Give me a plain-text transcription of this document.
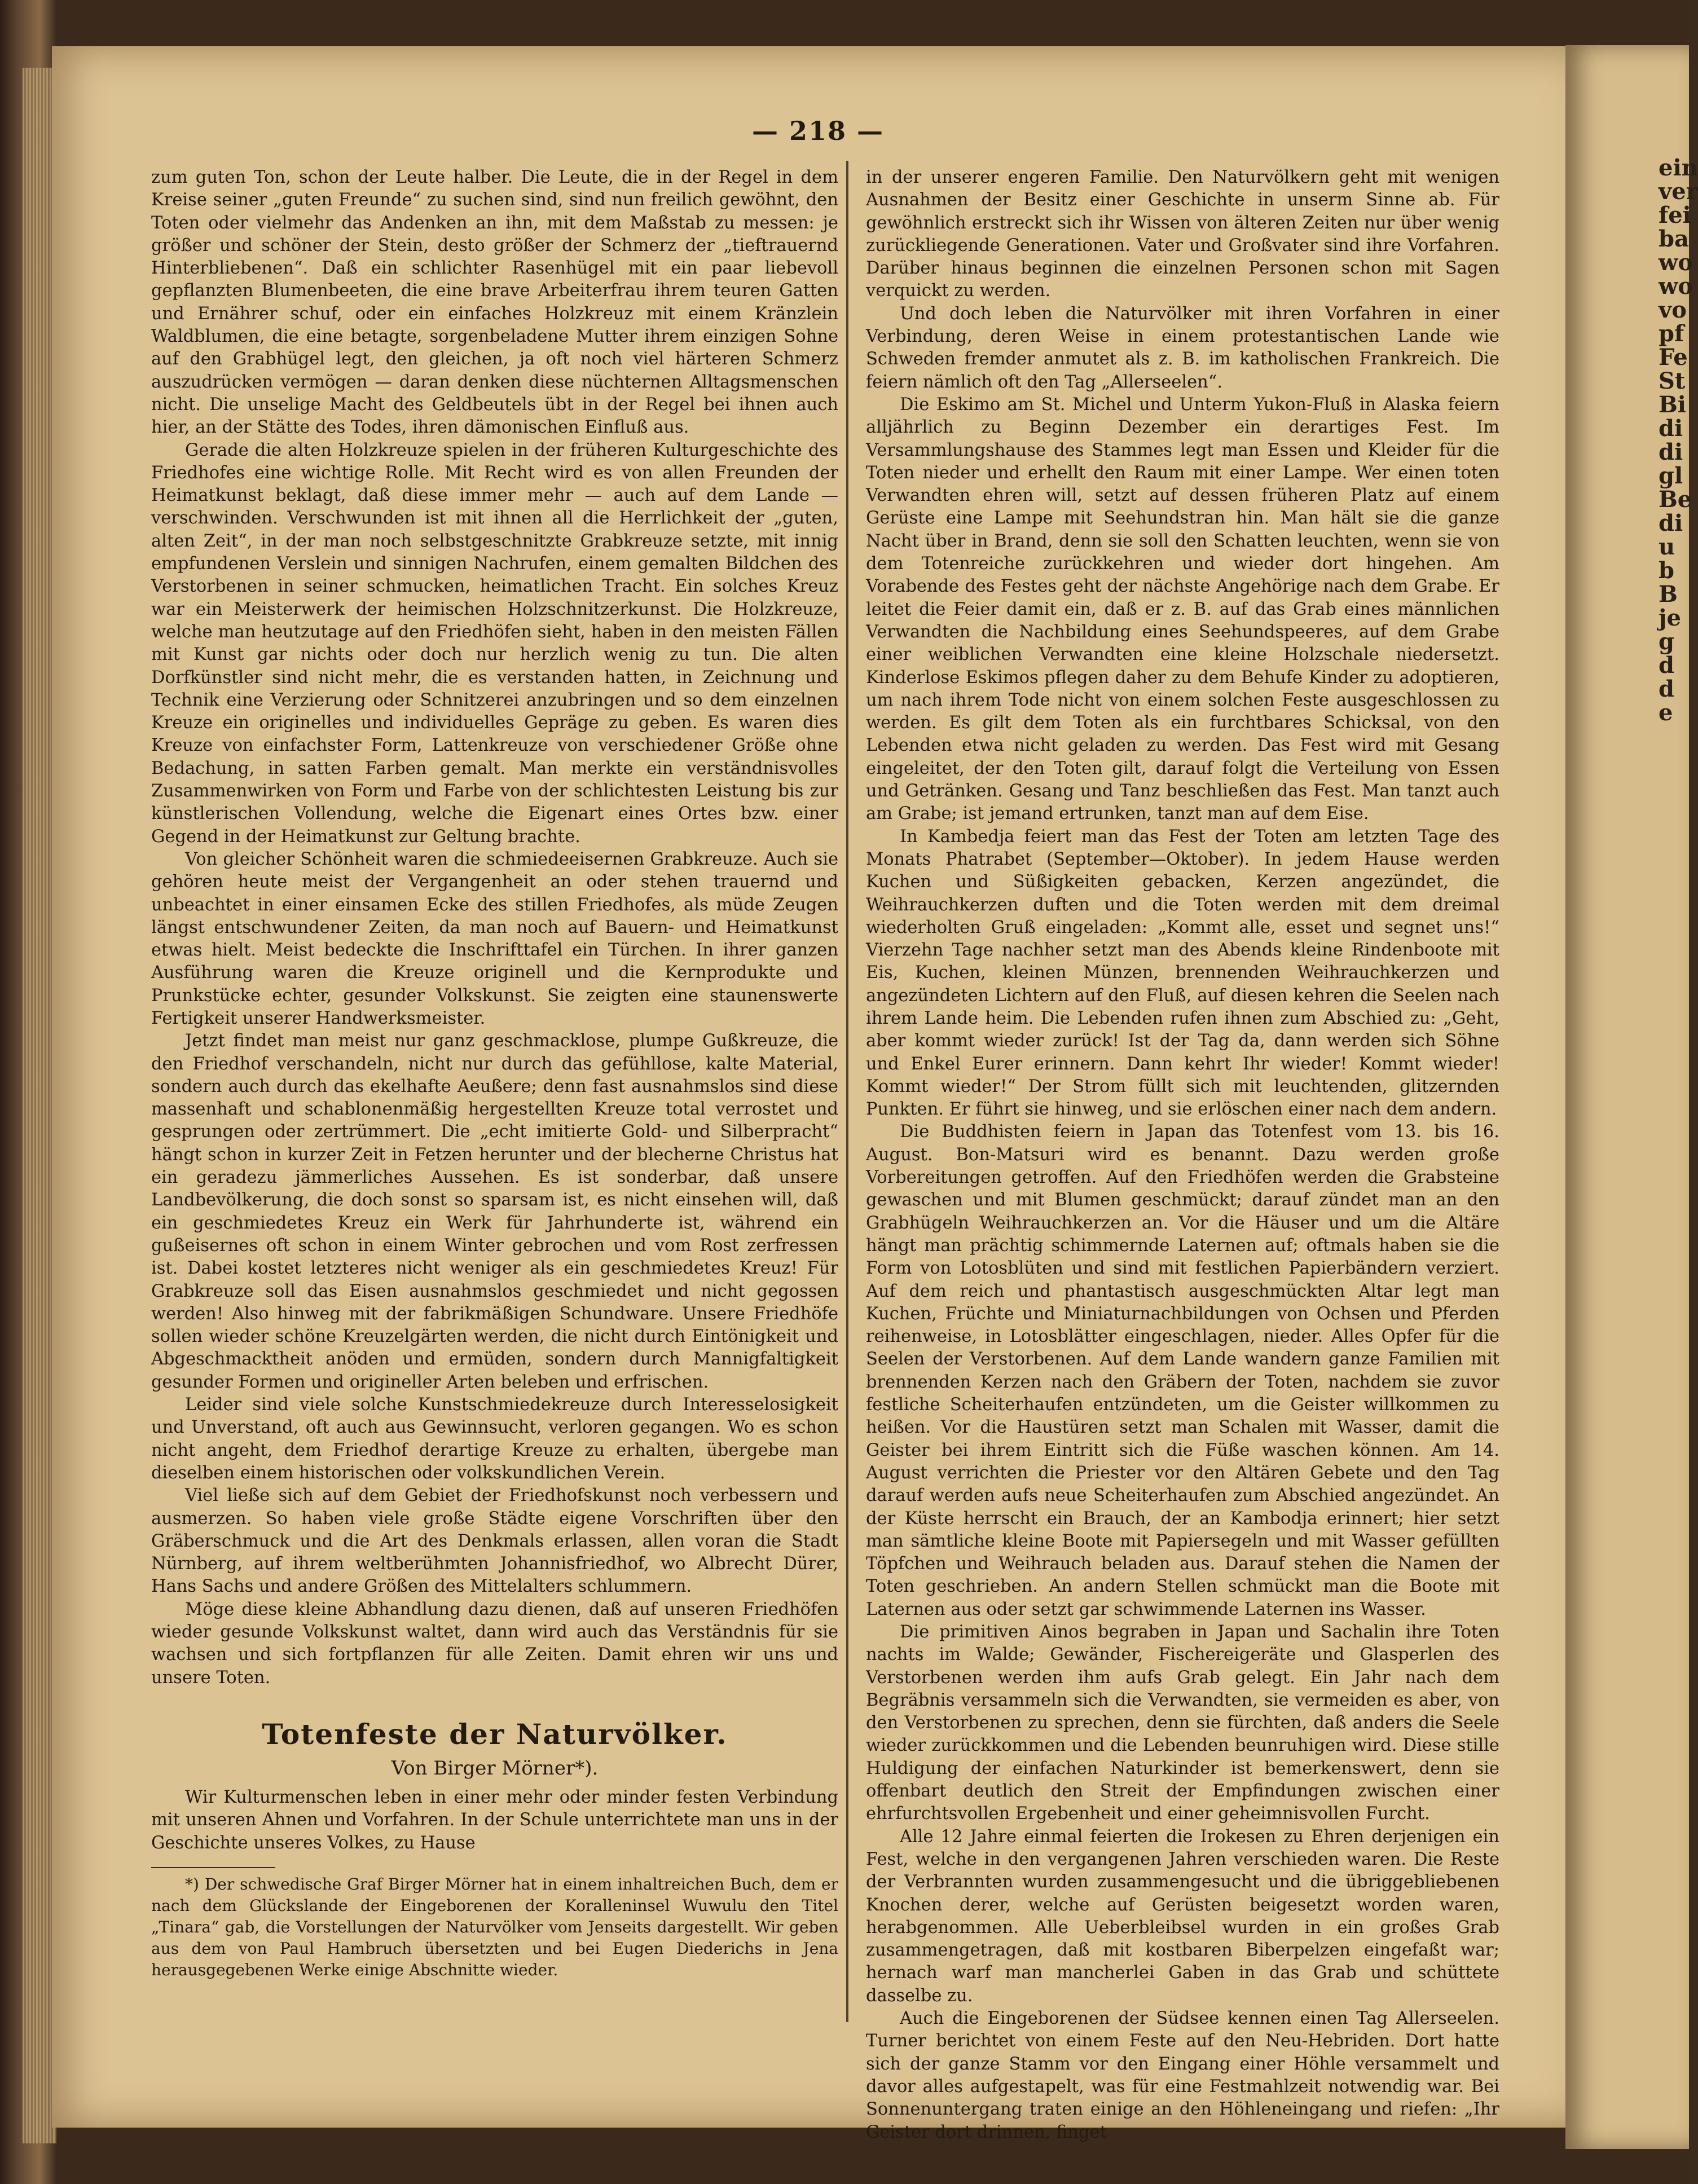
ein
ver
fei
ba
wo
wo
vo
pf
Fe
St
Bi
di
di
gl
Be
di
u
b
B
je
g
d
d
e
— 218 —

zum guten Ton, schon der Leute halber. Die Leute, die in der Regel in dem Kreise seiner „guten Freunde“ zu suchen sind, sind nun freilich gewöhnt, den Toten oder vielmehr das Andenken an ihn, mit dem Maßstab zu messen: je größer und schöner der Stein, desto größer der Schmerz der „tieftrauernd Hinterbliebenen“. Daß ein schlichter Rasenhügel mit ein paar liebevoll gepflanzten Blumenbeeten, die eine brave Arbeiterfrau ihrem teuren Gatten und Ernährer schuf, oder ein einfaches Holzkreuz mit einem Kränzlein Waldblumen, die eine betagte, sorgenbeladene Mutter ihrem einzigen Sohne auf den Grabhügel legt, den gleichen, ja oft noch viel härteren Schmerz auszudrücken vermögen — daran denken diese nüchternen Alltagsmenschen nicht. Die unselige Macht des Geldbeutels übt in der Regel bei ihnen auch hier, an der Stätte des Todes, ihren dämonischen Einfluß aus.

Gerade die alten Holzkreuze spielen in der früheren Kulturgeschichte des Friedhofes eine wichtige Rolle. Mit Recht wird es von allen Freunden der Heimatkunst beklagt, daß diese immer mehr — auch auf dem Lande — verschwinden. Verschwunden ist mit ihnen all die Herrlichkeit der „guten, alten Zeit“, in der man noch selbstgeschnitzte Grabkreuze setzte, mit innig empfundenen Verslein und sinnigen Nachrufen, einem gemalten Bildchen des Verstorbenen in seiner schmucken, heimatlichen Tracht. Ein solches Kreuz war ein Meisterwerk der heimischen Holzschnitzerkunst. Die Holzkreuze, welche man heutzutage auf den Friedhöfen sieht, haben in den meisten Fällen mit Kunst gar nichts oder doch nur herzlich wenig zu tun. Die alten Dorfkünstler sind nicht mehr, die es verstanden hatten, in Zeichnung und Technik eine Verzierung oder Schnitzerei anzubringen und so dem einzelnen Kreuze ein originelles und individuelles Gepräge zu geben. Es waren dies Kreuze von einfachster Form, Lattenkreuze von verschiedener Größe ohne Bedachung, in satten Farben gemalt. Man merkte ein verständnisvolles Zusammenwirken von Form und Farbe von der schlichtesten Leistung bis zur künstlerischen Vollendung, welche die Eigenart eines Ortes bzw. einer Gegend in der Heimatkunst zur Geltung brachte.

Von gleicher Schönheit waren die schmiedeeisernen Grabkreuze. Auch sie gehören heute meist der Vergangenheit an oder stehen trauernd und unbeachtet in einer einsamen Ecke des stillen Friedhofes, als müde Zeugen längst entschwundener Zeiten, da man noch auf Bauern- und Heimatkunst etwas hielt. Meist bedeckte die Inschrifttafel ein Türchen. In ihrer ganzen Ausführung waren die Kreuze originell und die Kernprodukte und Prunkstücke echter, gesunder Volkskunst. Sie zeigten eine staunenswerte Fertigkeit unserer Handwerksmeister.

Jetzt findet man meist nur ganz geschmacklose, plumpe Gußkreuze, die den Friedhof verschandeln, nicht nur durch das gefühllose, kalte Material, sondern auch durch das ekelhafte Aeußere; denn fast ausnahmslos sind diese massenhaft und schablonenmäßig hergestellten Kreuze total verrostet und gesprungen oder zertrümmert. Die „echt imitierte Gold- und Silberpracht“ hängt schon in kurzer Zeit in Fetzen herunter und der blecherne Christus hat ein geradezu jämmerliches Aussehen. Es ist sonderbar, daß unsere Landbevölkerung, die doch sonst so sparsam ist, es nicht einsehen will, daß ein geschmiedetes Kreuz ein Werk für Jahrhunderte ist, während ein gußeisernes oft schon in einem Winter gebrochen und vom Rost zerfressen ist. Dabei kostet letzteres nicht weniger als ein geschmiedetes Kreuz! Für Grabkreuze soll das Eisen ausnahmslos geschmiedet und nicht gegossen werden! Also hinweg mit der fabrikmäßigen Schundware. Unsere Friedhöfe sollen wieder schöne Kreuzelgärten werden, die nicht durch Eintönigkeit und Abgeschmacktheit anöden und ermüden, sondern durch Mannigfaltigkeit gesunder Formen und origineller Arten beleben und erfrischen.

Leider sind viele solche Kunstschmiedekreuze durch Interesselosigkeit und Unverstand, oft auch aus Gewinnsucht, verloren gegangen. Wo es schon nicht angeht, dem Friedhof derartige Kreuze zu erhalten, übergebe man dieselben einem historischen oder volkskundlichen Verein.

Viel ließe sich auf dem Gebiet der Friedhofskunst noch verbessern und ausmerzen. So haben viele große Städte eigene Vorschriften über den Gräberschmuck und die Art des Denkmals erlassen, allen voran die Stadt Nürnberg, auf ihrem weltberühmten Johannisfriedhof, wo Albrecht Dürer, Hans Sachs und andere Größen des Mittelalters schlummern.

Möge diese kleine Abhandlung dazu dienen, daß auf unseren Friedhöfen wieder gesunde Volkskunst waltet, dann wird auch das Verständnis für sie wachsen und sich fortpflanzen für alle Zeiten. Damit ehren wir uns und unsere Toten.

Totenfeste der Naturvölker.
Von Birger Mörner*).

Wir Kulturmenschen leben in einer mehr oder minder festen Verbindung mit unseren Ahnen und Vorfahren. In der Schule unterrichtete man uns in der Geschichte unseres Volkes, zu Hause

*) Der schwedische Graf Birger Mörner hat in einem inhaltreichen Buch, dem er nach dem Glückslande der Eingeborenen der Koralleninsel Wuwulu den Titel „Tinara“ gab, die Vorstellungen der Naturvölker vom Jenseits dargestellt. Wir geben aus dem von Paul Hambruch übersetzten und bei Eugen Diederichs in Jena herausgegebenen Werke einige Abschnitte wieder.

in der unserer engeren Familie. Den Naturvölkern geht mit wenigen Ausnahmen der Besitz einer Geschichte in unserm Sinne ab. Für gewöhnlich erstreckt sich ihr Wissen von älteren Zeiten nur über wenig zurückliegende Generationen. Vater und Großvater sind ihre Vorfahren. Darüber hinaus beginnen die einzelnen Personen schon mit Sagen verquickt zu werden.

Und doch leben die Naturvölker mit ihren Vorfahren in einer Verbindung, deren Weise in einem protestantischen Lande wie Schweden fremder anmutet als z. B. im katholischen Frankreich. Die feiern nämlich oft den Tag „Allerseelen“.

Die Eskimo am St. Michel und Unterm Yukon-Fluß in Alaska feiern alljährlich zu Beginn Dezember ein derartiges Fest. Im Versammlungshause des Stammes legt man Essen und Kleider für die Toten nieder und erhellt den Raum mit einer Lampe. Wer einen toten Verwandten ehren will, setzt auf dessen früheren Platz auf einem Gerüste eine Lampe mit Seehundstran hin. Man hält sie die ganze Nacht über in Brand, denn sie soll den Schatten leuchten, wenn sie von dem Totenreiche zurückkehren und wieder dort hingehen. Am Vorabende des Festes geht der nächste Angehörige nach dem Grabe. Er leitet die Feier damit ein, daß er z. B. auf das Grab eines männlichen Verwandten die Nachbildung eines Seehundspeeres, auf dem Grabe einer weiblichen Verwandten eine kleine Holzschale niedersetzt. Kinderlose Eskimos pflegen daher zu dem Behufe Kinder zu adoptieren, um nach ihrem Tode nicht von einem solchen Feste ausgeschlossen zu werden. Es gilt dem Toten als ein furchtbares Schicksal, von den Lebenden etwa nicht geladen zu werden. Das Fest wird mit Gesang eingeleitet, der den Toten gilt, darauf folgt die Verteilung von Essen und Getränken. Gesang und Tanz beschließen das Fest. Man tanzt auch am Grabe; ist jemand ertrunken, tanzt man auf dem Eise.

In Kambedja feiert man das Fest der Toten am letzten Tage des Monats Phatrabet (September—Oktober). In jedem Hause werden Kuchen und Süßigkeiten gebacken, Kerzen angezündet, die Weihrauchkerzen duften und die Toten werden mit dem dreimal wiederholten Gruß eingeladen: „Kommt alle, esset und segnet uns!“ Vierzehn Tage nachher setzt man des Abends kleine Rindenboote mit Eis, Kuchen, kleinen Münzen, brennenden Weihrauchkerzen und angezündeten Lichtern auf den Fluß, auf diesen kehren die Seelen nach ihrem Lande heim. Die Lebenden rufen ihnen zum Abschied zu: „Geht, aber kommt wieder zurück! Ist der Tag da, dann werden sich Söhne und Enkel Eurer erinnern. Dann kehrt Ihr wieder! Kommt wieder! Kommt wieder!“ Der Strom füllt sich mit leuchtenden, glitzernden Punkten. Er führt sie hinweg, und sie erlöschen einer nach dem andern.

Die Buddhisten feiern in Japan das Totenfest vom 13. bis 16. August. Bon-Matsuri wird es benannt. Dazu werden große Vorbereitungen getroffen. Auf den Friedhöfen werden die Grabsteine gewaschen und mit Blumen geschmückt; darauf zündet man an den Grabhügeln Weihrauchkerzen an. Vor die Häuser und um die Altäre hängt man prächtig schimmernde Laternen auf; oftmals haben sie die Form von Lotosblüten und sind mit festlichen Papierbändern verziert. Auf dem reich und phantastisch ausgeschmückten Altar legt man Kuchen, Früchte und Miniaturnachbildungen von Ochsen und Pferden reihenweise, in Lotosblätter eingeschlagen, nieder. Alles Opfer für die Seelen der Verstorbenen. Auf dem Lande wandern ganze Familien mit brennenden Kerzen nach den Gräbern der Toten, nachdem sie zuvor festliche Scheiterhaufen entzündeten, um die Geister willkommen zu heißen. Vor die Haustüren setzt man Schalen mit Wasser, damit die Geister bei ihrem Eintritt sich die Füße waschen können. Am 14. August verrichten die Priester vor den Altären Gebete und den Tag darauf werden aufs neue Scheiterhaufen zum Abschied angezündet. An der Küste herrscht ein Brauch, der an Kambodja erinnert; hier setzt man sämtliche kleine Boote mit Papiersegeln und mit Wasser gefüllten Töpfchen und Weihrauch beladen aus. Darauf stehen die Namen der Toten geschrieben. An andern Stellen schmückt man die Boote mit Laternen aus oder setzt gar schwimmende Laternen ins Wasser.

Die primitiven Ainos begraben in Japan und Sachalin ihre Toten nachts im Walde; Gewänder, Fischereigeräte und Glasperlen des Verstorbenen werden ihm aufs Grab gelegt. Ein Jahr nach dem Begräbnis versammeln sich die Verwandten, sie vermeiden es aber, von den Verstorbenen zu sprechen, denn sie fürchten, daß anders die Seele wieder zurückkommen und die Lebenden beunruhigen wird. Diese stille Huldigung der einfachen Naturkinder ist bemerkenswert, denn sie offenbart deutlich den Streit der Empfindungen zwischen einer ehrfurchtsvollen Ergebenheit und einer geheimnisvollen Furcht.

Alle 12 Jahre einmal feierten die Irokesen zu Ehren derjenigen ein Fest, welche in den vergangenen Jahren verschieden waren. Die Reste der Verbrannten wurden zusammengesucht und die übriggebliebenen Knochen derer, welche auf Gerüsten beigesetzt worden waren, herabgenommen. Alle Ueberbleibsel wurden in ein großes Grab zusammengetragen, daß mit kostbaren Biberpelzen eingefaßt war; hernach warf man mancherlei Gaben in das Grab und schüttete dasselbe zu.

Auch die Eingeborenen der Südsee kennen einen Tag Allerseelen. Turner berichtet von einem Feste auf den Neu-Hebriden. Dort hatte sich der ganze Stamm vor den Eingang einer Höhle versammelt und davor alles aufgestapelt, was für eine Festmahlzeit notwendig war. Bei Sonnenuntergang traten einige an den Höhleneingang und riefen: „Ihr Geister dort drinnen, finget
